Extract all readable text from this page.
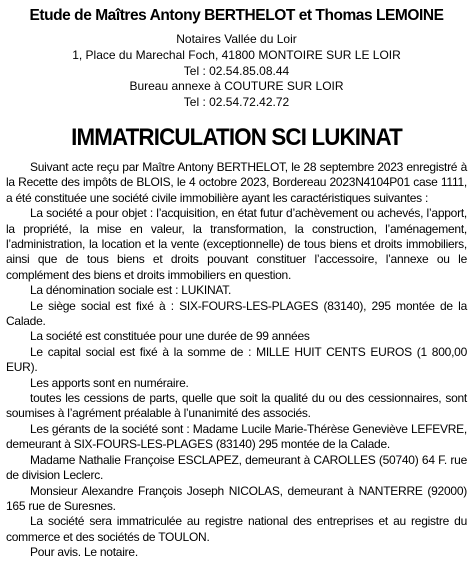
Etude de Maîtres Antony BERTHELOT et Thomas LEMOINE
Notaires Vallée du Loir
1, Place du Marechal Foch, 41800 MONTOIRE SUR LE LOIR
Tel : 02.54.85.08.44
Bureau annexe à COUTURE SUR LOIR
Tel : 02.54.72.42.72
IMMATRICULATION SCI LUKINAT

Suivant acte reçu par Maître Antony BERTHELOT, le 28 septembre 2023 enregistré à la Recette des impôts de BLOIS, le 4 octobre 2023, Bordereau 2023N4104P01 case 1111, a été constituée une société civile immobilière ayant les caractéristiques suivantes :

La société a pour objet : l’acquisition, en état futur d’achèvement ou achevés, l’apport, la propriété, la mise en valeur, la transformation, la construction, l’aménagement, l’administration, la location et la vente (exceptionnelle) de tous biens et droits immobiliers, ainsi que de tous biens et droits pouvant constituer l’accessoire, l’annexe ou le complément des biens et droits immobiliers en question.

La dénomination sociale est : LUKINAT.

Le siège social est fixé à : SIX-FOURS-LES-PLAGES (83140), 295 montée de la Calade.

La société est constituée pour une durée de 99 années

Le capital social est fixé à la somme de : MILLE HUIT CENTS EUROS (1 800,00 EUR).

Les apports sont en numéraire.

toutes les cessions de parts, quelle que soit la qualité du ou des cessionnaires, sont soumises à l’agrément préalable à l’unanimité des associés.

Les gérants de la société sont : Madame Lucile Marie-Thérèse Geneviève LEFEVRE, demeurant à SIX-FOURS-LES-PLAGES (83140) 295 montée de la Calade.

Madame Nathalie Françoise ESCLAPEZ, demeurant à CAROLLES (50740) 64 F. rue de division Leclerc.

Monsieur Alexandre François Joseph NICOLAS, demeurant à NANTERRE (92000) 165 rue de Suresnes.

La société sera immatriculée au registre national des entreprises et au registre du commerce et des sociétés de TOULON.

Pour avis. Le notaire.
